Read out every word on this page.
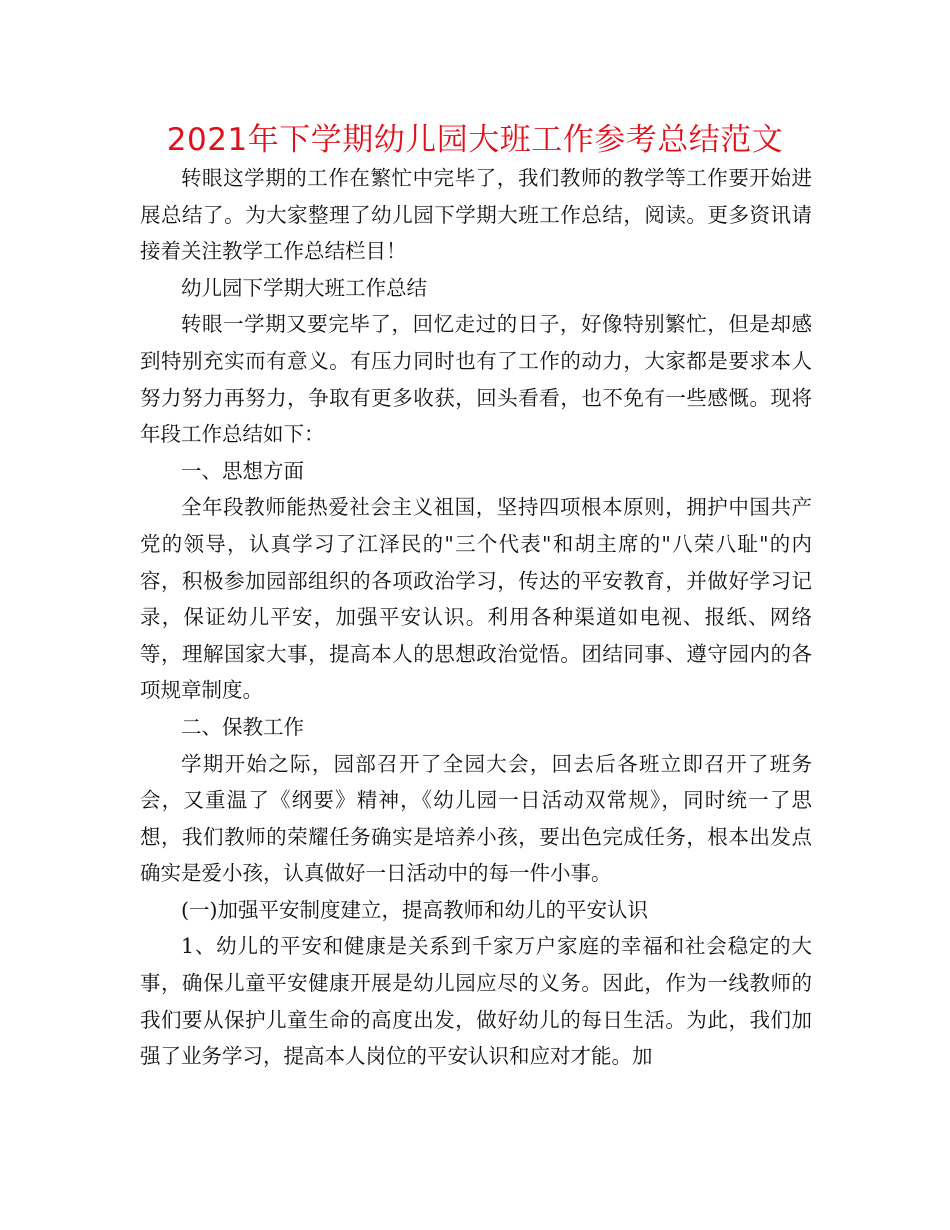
2021年下学期幼儿园大班工作参考总结范文

转眼这学期的工作在繁忙中完毕了，我们教师的教学等工作要开始进展总结了。为大家整理了幼儿园下学期大班工作总结，阅读。更多资讯请接着关注教学工作总结栏目！

幼儿园下学期大班工作总结

转眼一学期又要完毕了，回忆走过的日子，好像特别繁忙，但是却感到特别充实而有意义。有压力同时也有了工作的动力，大家都是要求本人努力努力再努力，争取有更多收获，回头看看，也不免有一些感慨。现将年段工作总结如下：

一、思想方面

全年段教师能热爱社会主义祖国，坚持四项根本原则，拥护中国共产党的领导，认真学习了江泽民的"三个代表"和胡主席的"八荣八耻"的内容，积极参加园部组织的各项政治学习，传达的平安教育，并做好学习记录，保证幼儿平安，加强平安认识。利用各种渠道如电视、报纸、网络等，理解国家大事，提高本人的思想政治觉悟。团结同事、遵守园内的各项规章制度。

二、保教工作

学期开始之际，园部召开了全园大会，回去后各班立即召开了班务会，又重温了《纲要》精神，《幼儿园一日活动双常规》，同时统一了思想，我们教师的荣耀任务确实是培养小孩，要出色完成任务，根本出发点确实是爱小孩，认真做好一日活动中的每一件小事。

(一)加强平安制度建立，提高教师和幼儿的平安认识

1、幼儿的平安和健康是关系到千家万户家庭的幸福和社会稳定的大事，确保儿童平安健康开展是幼儿园应尽的义务。因此，作为一线教师的我们要从保护儿童生命的高度出发，做好幼儿的每日生活。为此，我们加强了业务学习，提高本人岗位的平安认识和应对才能。加
